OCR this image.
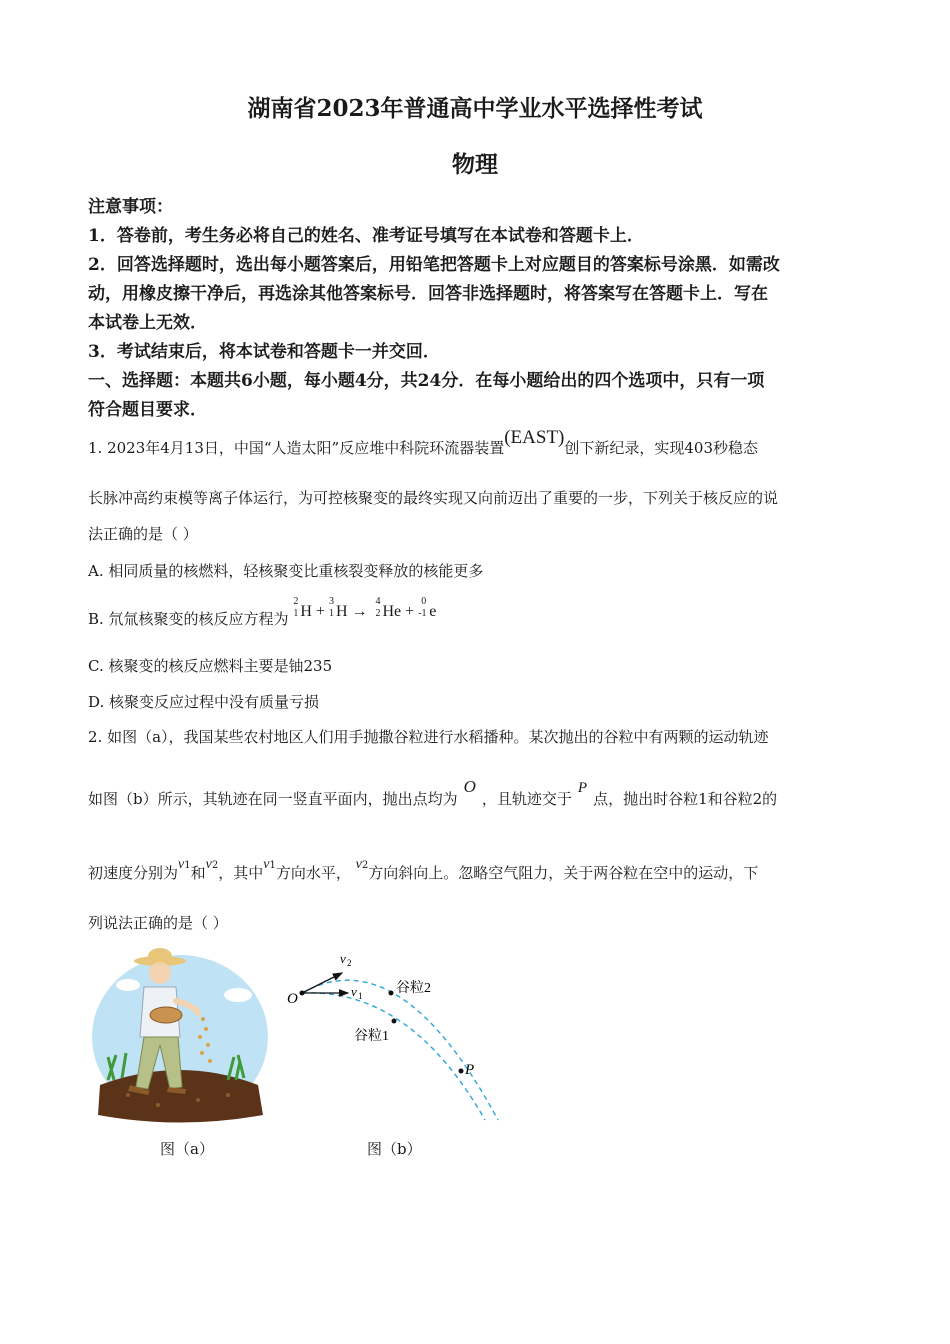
湖南省2023年普通高中学业水平选择性考试
物理
注意事项：
1．答卷前，考生务必将自己的姓名、准考证号填写在本试卷和答题卡上．
2．回答选择题时，选出每小题答案后，用铅笔把答题卡上对应题目的答案标号涂黑．如需改
动，用橡皮擦干净后，再选涂其他答案标号．回答非选择题时，将答案写在答题卡上．写在
本试卷上无效．
3．考试结束后，将本试卷和答题卡一并交回．
一、选择题：本题共6小题，每小题4分，共24分．在每小题给出的四个选项中，只有一项
符合题目要求．
1. 2023年4月13日，中国“人造太阳”反应堆中科院环流器装置(EAST)创下新纪录，实现403秒稳态
长脉冲高约束模等离子体运行，为可控核聚变的最终实现又向前迈出了重要的一步，下列关于核反应的说
法正确的是（ ）
A. 相同质量的核燃料，轻核聚变比重核裂变释放的核能更多
B. 氘氚核聚变的核反应方程为
2
1 H +
3
1 H →
4
2 He +
0
-1 e
C. 核聚变的核反应燃料主要是铀235
D. 核聚变反应过程中没有质量亏损
2. 如图（a），我国某些农村地区人们用手抛撒谷粒进行水稻播种。某次抛出的谷粒中有两颗的运动轨迹
如图（b）所示，其轨迹在同一竖直平面内，抛出点均为O，且轨迹交于P点，抛出时谷粒1和谷粒2的
初速度分别为v1和v2，其中v1方向水平， v2方向斜向上。忽略空气阻力，关于两谷粒在空中的运动，下
列说法正确的是（ ）
O
P
v 2
v 1 谷粒2
谷粒1
图（a）	图（b）
